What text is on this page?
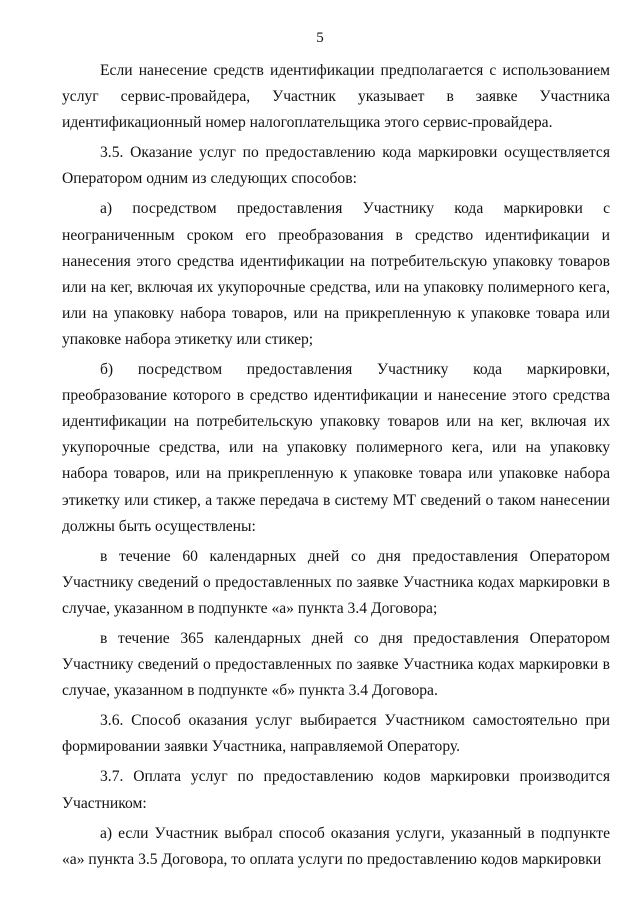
5

Если нанесение средств идентификации предполагается с использованием услуг сервис-провайдера, Участник указывает в заявке Участника идентификационный номер налогоплательщика этого сервис-провайдера.

3.5. Оказание услуг по предоставлению кода маркировки осуществляется Оператором одним из следующих способов:

а) посредством предоставления Участнику кода маркировки с неограниченным сроком его преобразования в средство идентификации и нанесения этого средства идентификации на потребительскую упаковку товаров или на кег, включая их укупорочные средства, или на упаковку полимерного кега, или на упаковку набора товаров, или на прикрепленную к упаковке товара или упаковке набора этикетку или стикер;

б) посредством предоставления Участнику кода маркировки, преобразование которого в средство идентификации и нанесение этого средства идентификации на потребительскую упаковку товаров или на кег, включая их укупорочные средства, или на упаковку полимерного кега, или на упаковку набора товаров, или на прикрепленную к упаковке товара или упаковке набора этикетку или стикер, а также передача в систему МТ сведений о таком нанесении должны быть осуществлены:

в течение 60 календарных дней со дня предоставления Оператором Участнику сведений о предоставленных по заявке Участника кодах маркировки в случае, указанном в подпункте «а» пункта 3.4 Договора;

в течение 365 календарных дней со дня предоставления Оператором Участнику сведений о предоставленных по заявке Участника кодах маркировки в случае, указанном в подпункте «б» пункта 3.4 Договора.

3.6. Способ оказания услуг выбирается Участником самостоятельно при формировании заявки Участника, направляемой Оператору.

3.7. Оплата услуг по предоставлению кодов маркировки производится Участником:

а) если Участник выбрал способ оказания услуги, указанный в подпункте «а» пункта 3.5 Договора, то оплата услуги по предоставлению кодов маркировки
